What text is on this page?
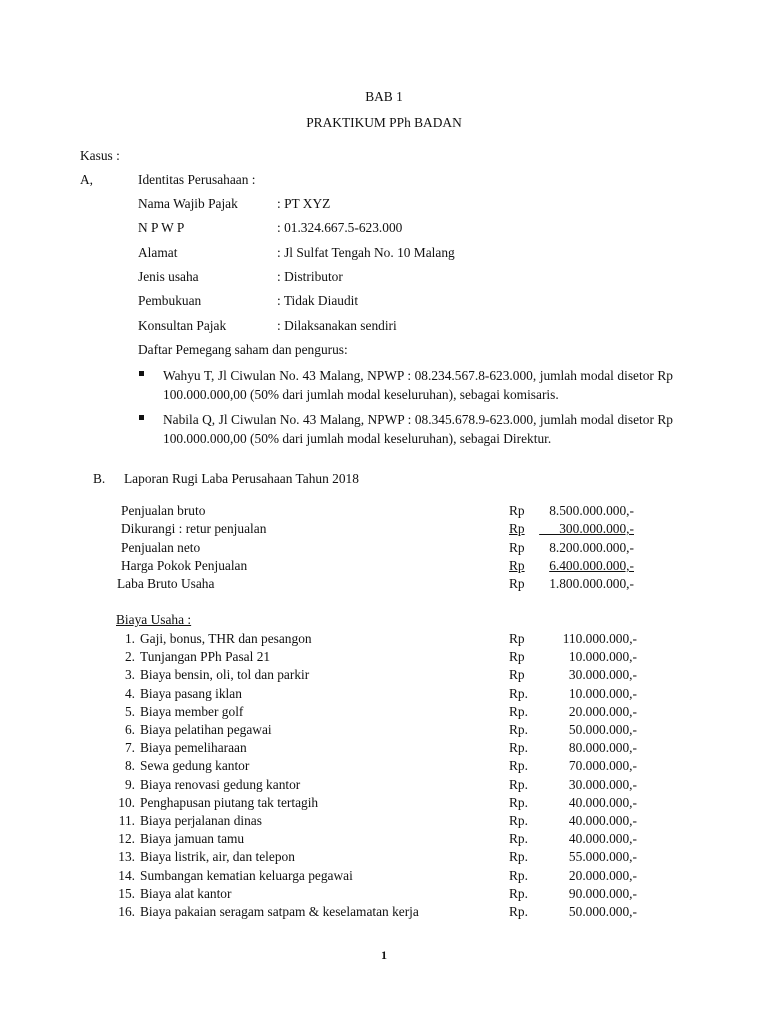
BAB 1
PRAKTIKUM PPh BADAN
Kasus :
A,	Identitas Perusahaan :
Nama Wajib Pajak	: PT XYZ
N P W P	: 01.324.667.5-623.000
Alamat	: Jl Sulfat Tengah No. 10 Malang
Jenis usaha	: Distributor
Pembukuan	: Tidak Diaudit
Konsultan Pajak	: Dilaksanakan sendiri
Daftar Pemegang saham dan pengurus:
Wahyu T, Jl Ciwulan No. 43 Malang, NPWP : 08.234.567.8-623.000, jumlah modal disetor Rp 100.000.000,00 (50% dari jumlah modal keseluruhan), sebagai komisaris.
Nabila Q, Jl Ciwulan No. 43 Malang, NPWP : 08.345.678.9-623.000, jumlah modal disetor Rp 100.000.000,00 (50% dari jumlah modal keseluruhan), sebagai Direktur.
B. Laporan Rugi Laba Perusahaan Tahun 2018
Penjualan bruto	Rp	8.500.000.000,-
Dikurangi : retur penjualan	Rp	300.000.000,-
Penjualan neto	Rp	8.200.000.000,-
Harga Pokok Penjualan	Rp	6.400.000.000,-
Laba Bruto Usaha	Rp	1.800.000.000,-
Biaya Usaha :
1. Gaji, bonus, THR dan pesangon	Rp	110.000.000,-
2. Tunjangan PPh Pasal 21	Rp	10.000.000,-
3. Biaya bensin, oli, tol dan parkir	Rp	30.000.000,-
4. Biaya pasang iklan	Rp.	10.000.000,-
5. Biaya member golf	Rp.	20.000.000,-
6. Biaya pelatihan pegawai	Rp.	50.000.000,-
7. Biaya pemeliharaan	Rp.	80.000.000,-
8. Sewa gedung kantor	Rp.	70.000.000,-
9. Biaya renovasi gedung kantor	Rp.	30.000.000,-
10. Penghapusan piutang tak tertagih	Rp.	40.000.000,-
11. Biaya perjalanan dinas	Rp.	40.000.000,-
12. Biaya jamuan tamu	Rp.	40.000.000,-
13. Biaya listrik, air, dan telepon	Rp.	55.000.000,-
14. Sumbangan kematian keluarga pegawai	Rp.	20.000.000,-
15. Biaya alat kantor	Rp.	90.000.000,-
16. Biaya pakaian seragam satpam & keselamatan kerja	Rp.	50.000.000,-
1
